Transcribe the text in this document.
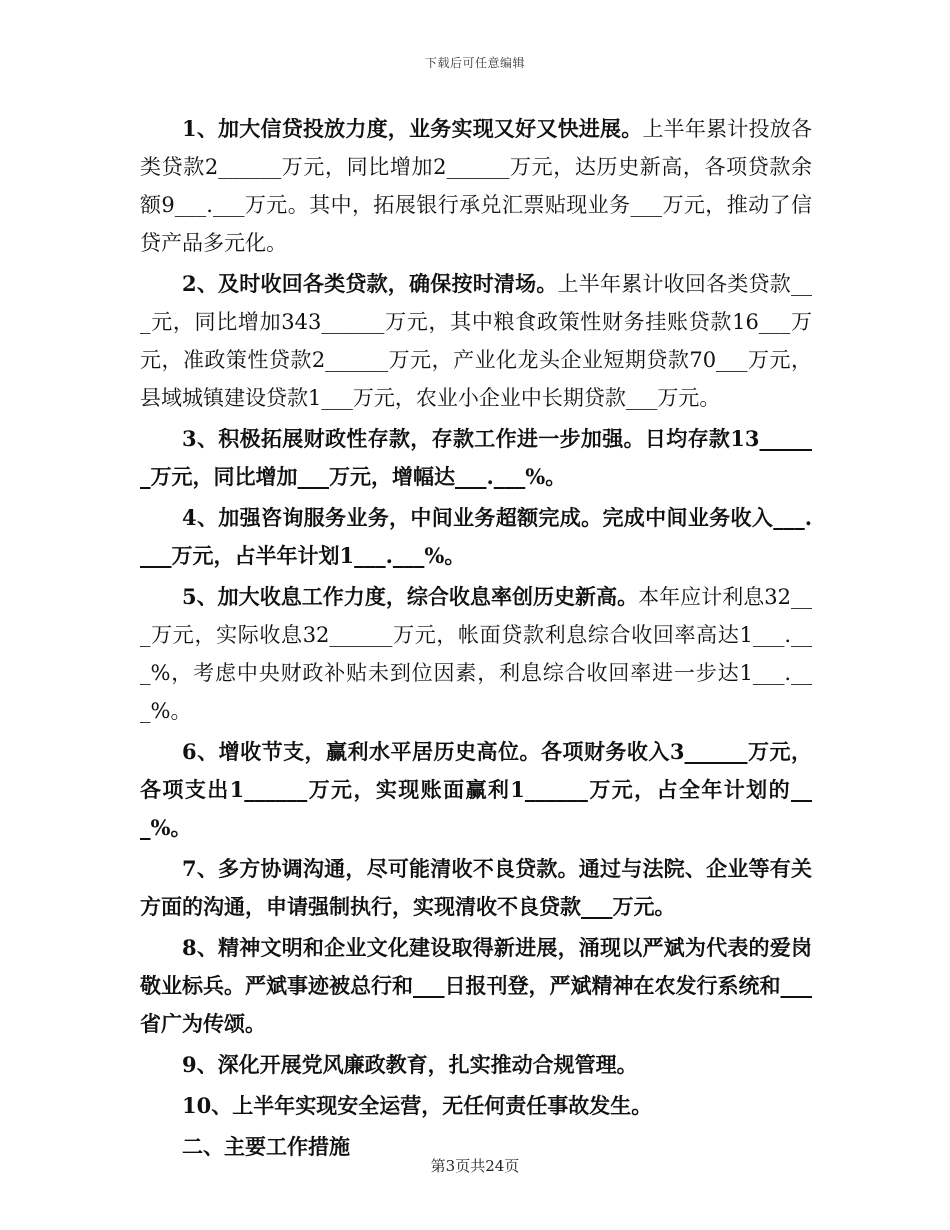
下载后可任意编辑

1、加大信贷投放力度，业务实现又好又快进展。上半年累计投放各类贷款2______万元，同比增加2______万元，达历史新高，各项贷款余额9___.___万元。其中，拓展银行承兑汇票贴现业务___万元，推动了信贷产品多元化。

2、及时收回各类贷款，确保按时清场。上半年累计收回各类贷款___元，同比增加343______万元，其中粮食政策性财务挂账贷款16___万元，准政策性贷款2______万元，产业化龙头企业短期贷款70___万元，县域城镇建设贷款1___万元，农业小企业中长期贷款___万元。

3、积极拓展财政性存款，存款工作进一步加强。日均存款13______万元，同比增加___万元，增幅达___.___%。

4、加强咨询服务业务，中间业务超额完成。完成中间业务收入___.___万元，占半年计划1___.___%。

5、加大收息工作力度，综合收息率创历史新高。本年应计利息32___万元，实际收息32______万元，帐面贷款利息综合收回率高达1___.___%，考虑中央财政补贴未到位因素，利息综合收回率进一步达1___.___%。

6、增收节支，赢利水平居历史高位。各项财务收入3______万元，各项支出1______万元，实现账面赢利1______万元，占全年计划的___%。

7、多方协调沟通，尽可能清收不良贷款。通过与法院、企业等有关方面的沟通，申请强制执行，实现清收不良贷款___万元。

8、精神文明和企业文化建设取得新进展，涌现以严斌为代表的爱岗敬业标兵。严斌事迹被总行和___日报刊登，严斌精神在农发行系统和___省广为传颂。

9、深化开展党风廉政教育，扎实推动合规管理。

10、上半年实现安全运营，无任何责任事故发生。

二、主要工作措施

第3页共24页
